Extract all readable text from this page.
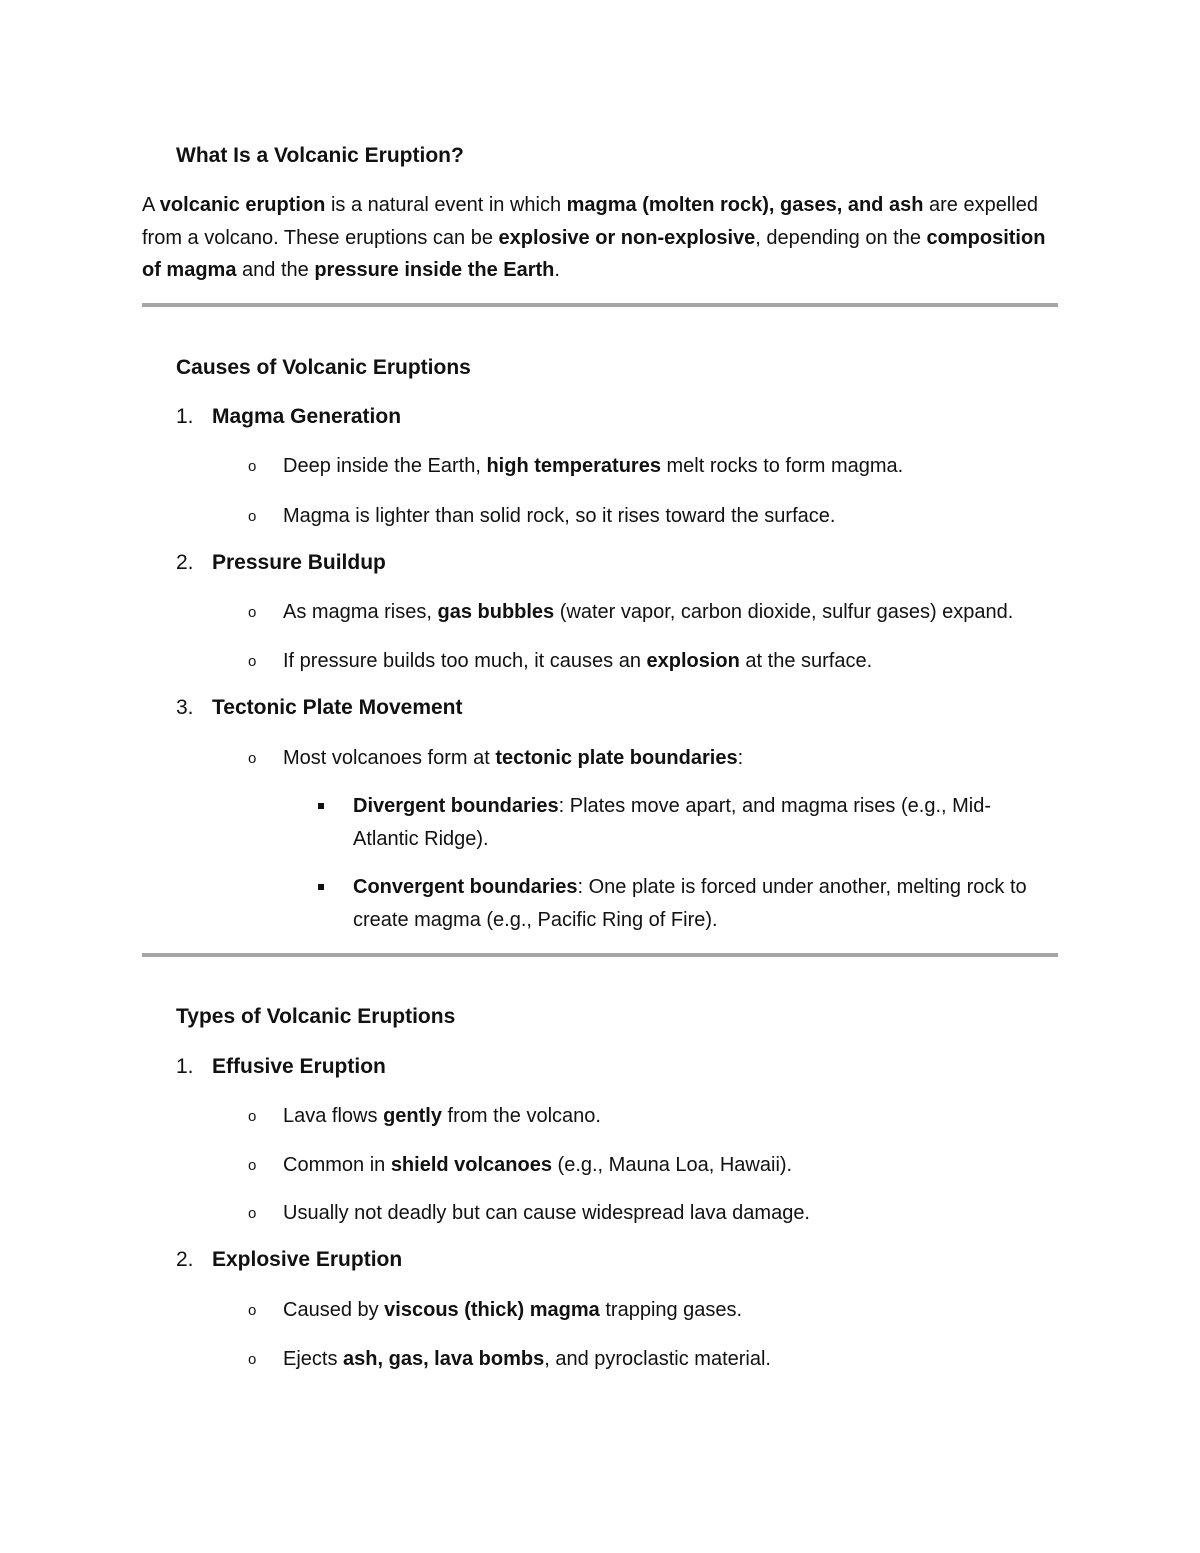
What Is a Volcanic Eruption?
A volcanic eruption is a natural event in which magma (molten rock), gases, and ash are expelled from a volcano. These eruptions can be explosive or non-explosive, depending on the composition of magma and the pressure inside the Earth.
Causes of Volcanic Eruptions
1. Magma Generation
o Deep inside the Earth, high temperatures melt rocks to form magma.
o Magma is lighter than solid rock, so it rises toward the surface.
2. Pressure Buildup
o As magma rises, gas bubbles (water vapor, carbon dioxide, sulfur gases) expand.
o If pressure builds too much, it causes an explosion at the surface.
3. Tectonic Plate Movement
o Most volcanoes form at tectonic plate boundaries:
Divergent boundaries: Plates move apart, and magma rises (e.g., Mid-Atlantic Ridge).
Convergent boundaries: One plate is forced under another, melting rock to create magma (e.g., Pacific Ring of Fire).
Types of Volcanic Eruptions
1. Effusive Eruption
o Lava flows gently from the volcano.
o Common in shield volcanoes (e.g., Mauna Loa, Hawaii).
o Usually not deadly but can cause widespread lava damage.
2. Explosive Eruption
o Caused by viscous (thick) magma trapping gases.
o Ejects ash, gas, lava bombs, and pyroclastic material.
